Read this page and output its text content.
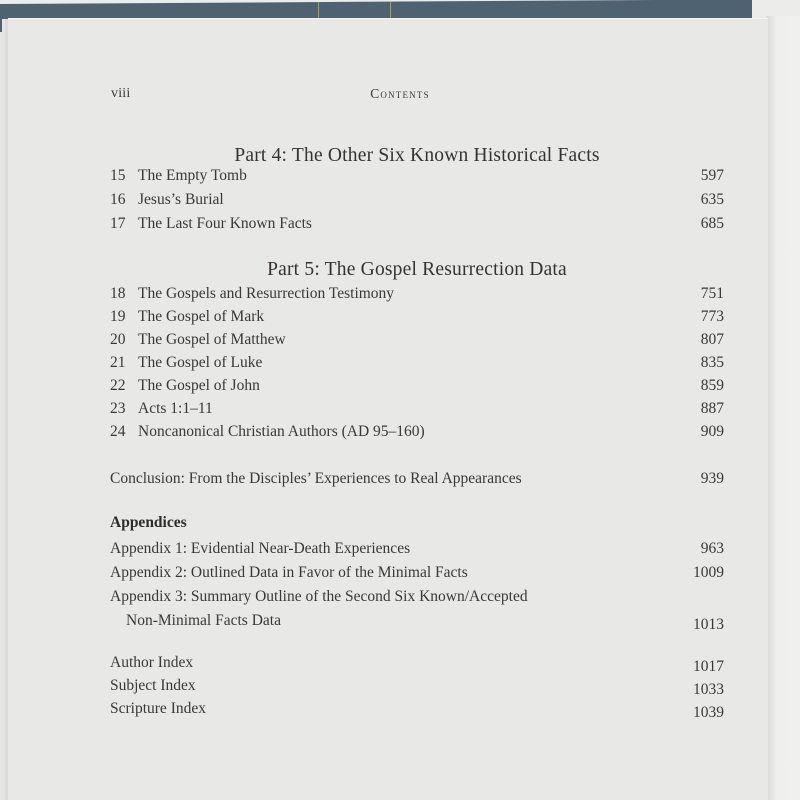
viii	Contents
Part 4: The Other Six Known Historical Facts
15 The Empty Tomb	597
16 Jesus’s Burial	635
17 The Last Four Known Facts	685
Part 5: The Gospel Resurrection Data
18 The Gospels and Resurrection Testimony	751
19 The Gospel of Mark	773
20 The Gospel of Matthew	807
21 The Gospel of Luke	835
22 The Gospel of John	859
23 Acts 1:1–11	887
24 Noncanonical Christian Authors (AD 95–160)	909
Conclusion: From the Disciples’ Experiences to Real Appearances	939
Appendices
Appendix 1: Evidential Near-Death Experiences	963
Appendix 2: Outlined Data in Favor of the Minimal Facts	1009
Appendix 3: Summary Outline of the Second Six Known/Accepted
Non-Minimal Facts Data	1013
Author Index	1017
Subject Index	1033
Scripture Index	1039
